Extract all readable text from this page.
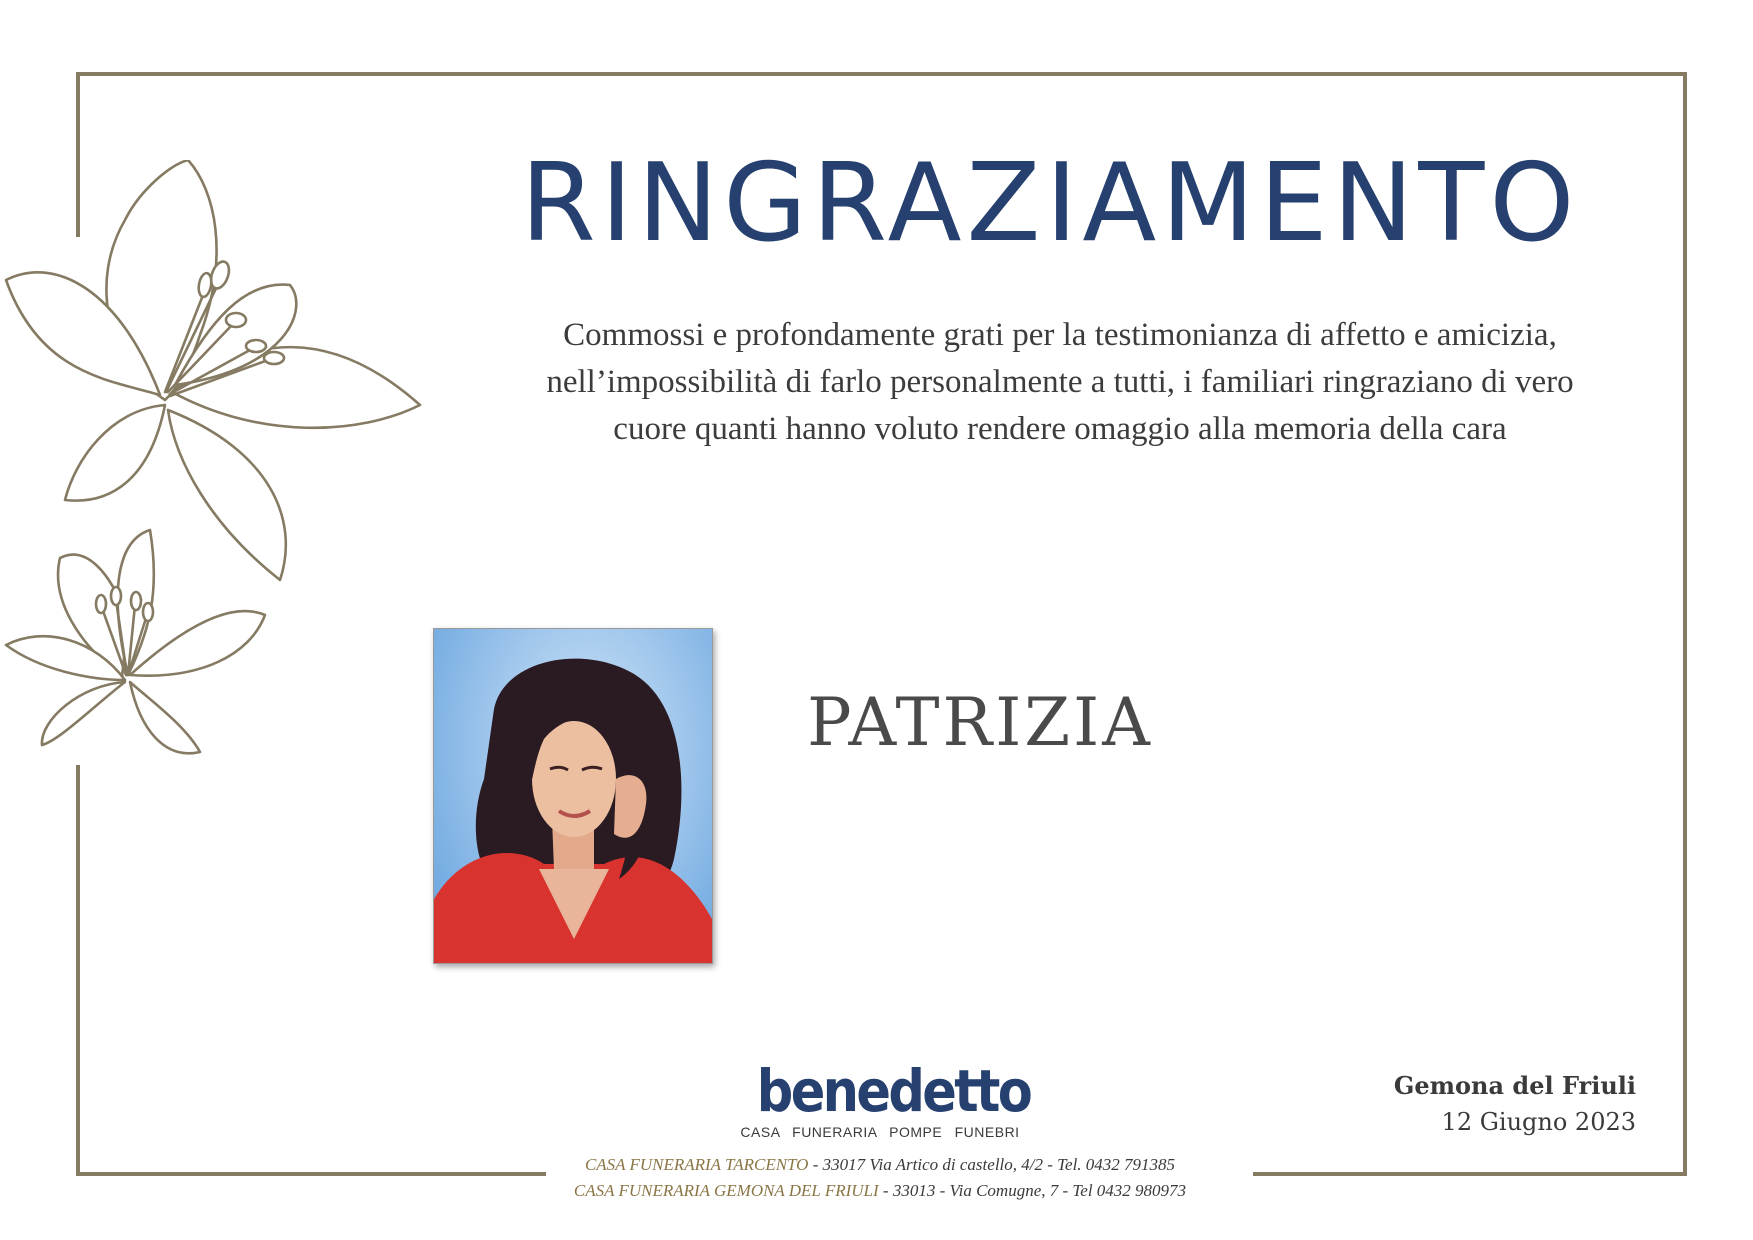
RINGRAZIAMENTO
Commossi e profondamente grati per la testimonianza di affetto e amicizia,
nell’impossibilità di farlo personalmente a tutti, i familiari ringraziano di vero
cuore quanti hanno voluto rendere omaggio alla memoria della cara
PATRIZIA
benedetto
CASA FUNERARIA POMPE FUNEBRI
CASA FUNERARIA TARCENTO - 33017 Via Artico di castello, 4/2 - Tel. 0432 791385
CASA FUNERARIA GEMONA DEL FRIULI - 33013 - Via Comugne, 7 - Tel 0432 980973
Gemona del Friuli
12 Giugno 2023
